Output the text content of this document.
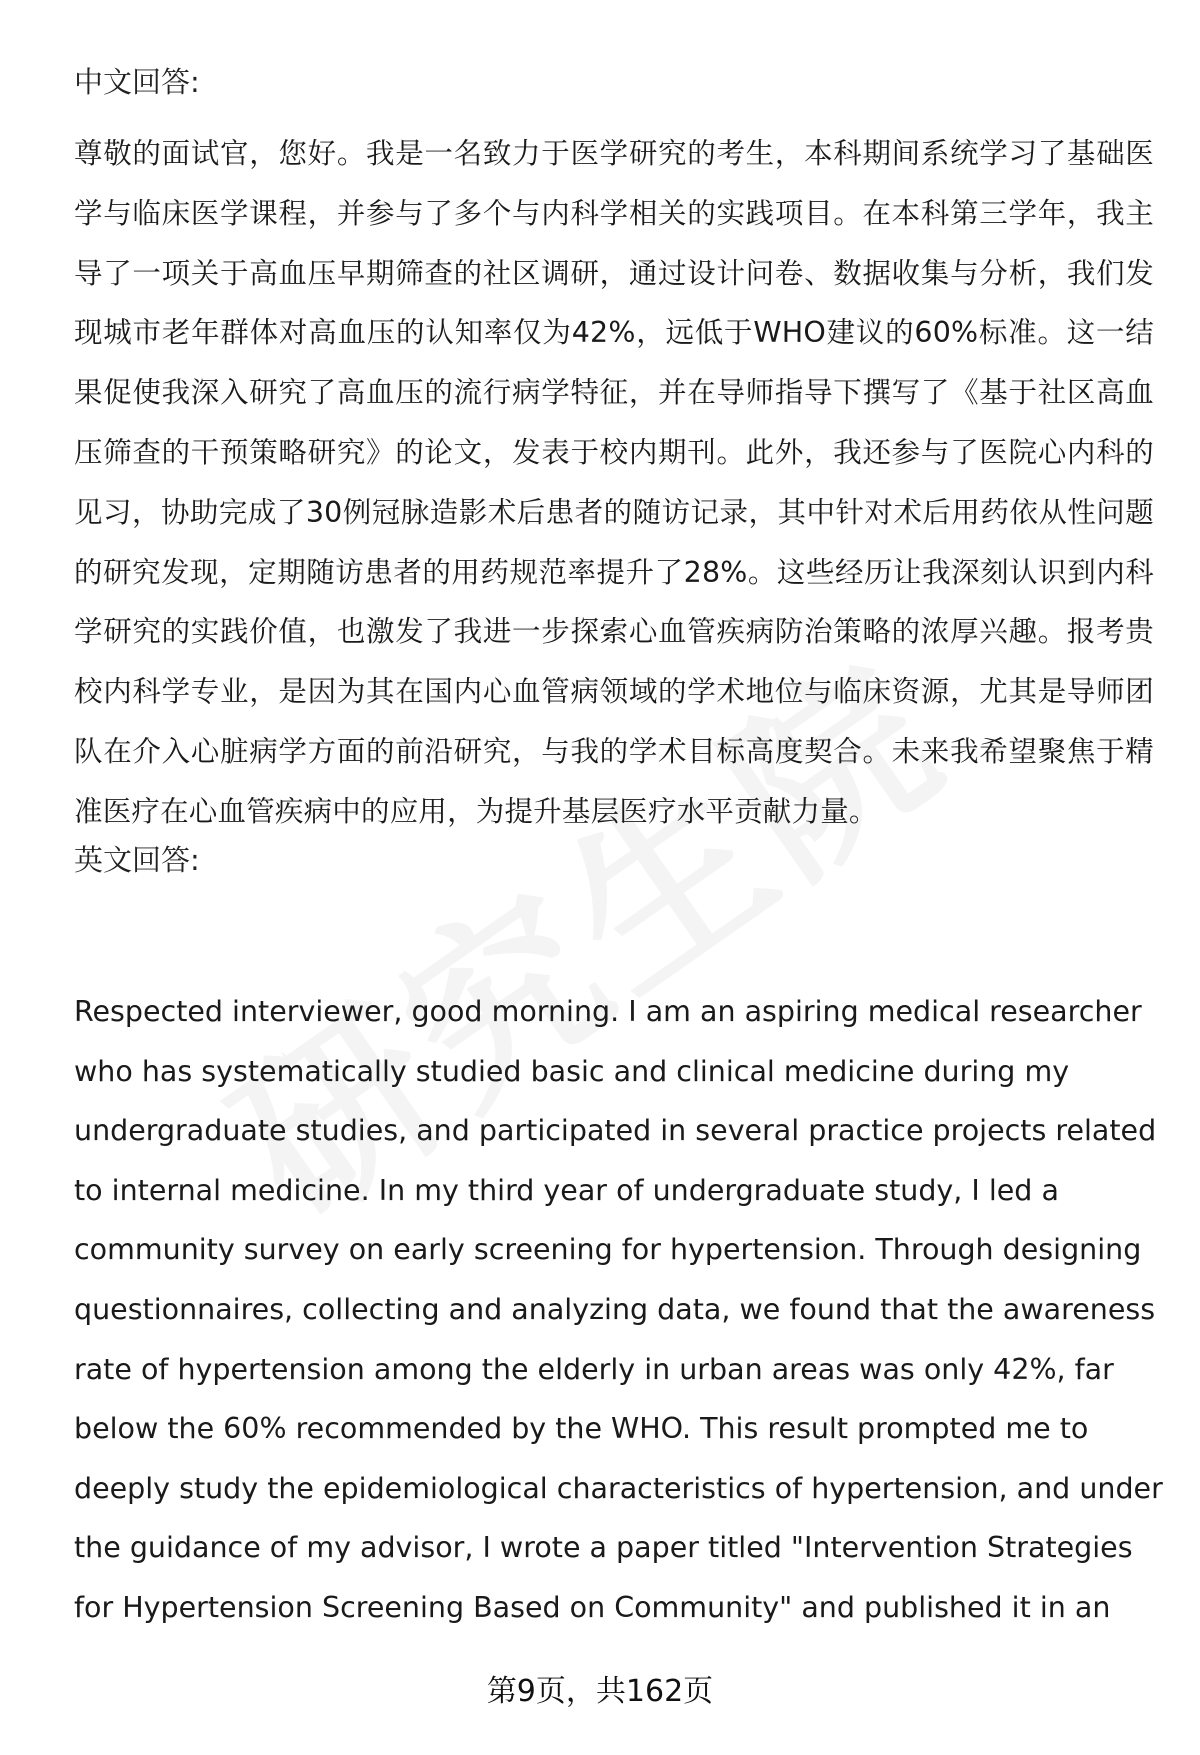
中文回答:

尊敬的面试官，您好。我是一名致力于医学研究的考生，本科期间系统学习了基础医学与临床医学课程，并参与了多个与内科学相关的实践项目。在本科第三学年，我主导了一项关于高血压早期筛查的社区调研，通过设计问卷、数据收集与分析，我们发现城市老年群体对高血压的认知率仅为42%，远低于WHO建议的60%标准。这一结果促使我深入研究了高血压的流行病学特征，并在导师指导下撰写了《基于社区高血压筛查的干预策略研究》的论文，发表于校内期刊。此外，我还参与了医院心内科的见习，协助完成了30例冠脉造影术后患者的随访记录，其中针对术后用药依从性问题的研究发现，定期随访患者的用药规范率提升了28%。这些经历让我深刻认识到内科学研究的实践价值，也激发了我进一步探索心血管疾病防治策略的浓厚兴趣。报考贵校内科学专业，是因为其在国内心血管病领域的学术地位与临床资源，尤其是导师团队在介入心脏病学方面的前沿研究，与我的学术目标高度契合。未来我希望聚焦于精准医疗在心血管疾病中的应用，为提升基层医疗水平贡献力量。

英文回答:

Respected interviewer, good morning. I am an aspiring medical researcher who has systematically studied basic and clinical medicine during my undergraduate studies, and participated in several practice projects related to internal medicine. In my third year of undergraduate study, I led a community survey on early screening for hypertension. Through designing questionnaires, collecting and analyzing data, we found that the awareness rate of hypertension among the elderly in urban areas was only 42%, far below the 60% recommended by the WHO. This result prompted me to deeply study the epidemiological characteristics of hypertension, and under the guidance of my advisor, I wrote a paper titled "Intervention Strategies for Hypertension Screening Based on Community" and published it in an

第9页，共162页
